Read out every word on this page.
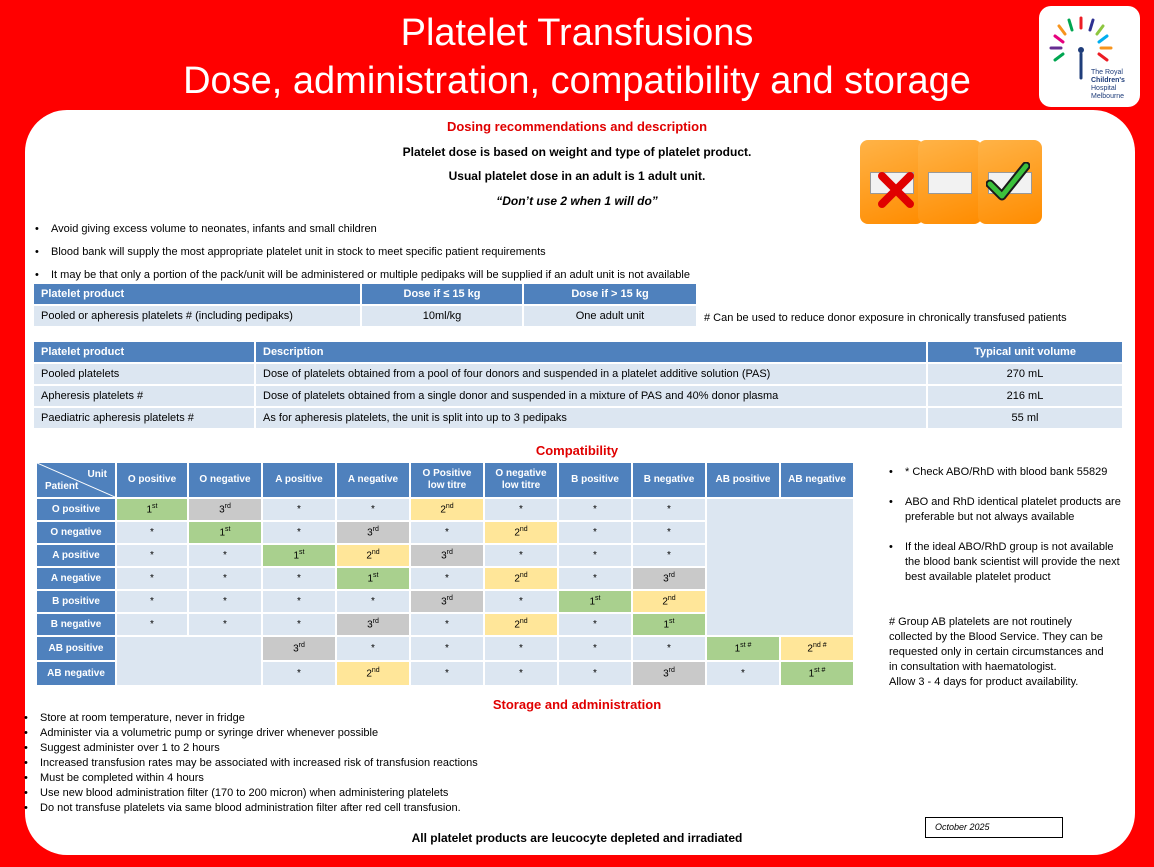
Platelet Transfusions
Dose, administration, compatibility and storage	The Royal
Children's
Hospital
Melbourne
Dosing recommendations and description
Platelet dose is based on weight and type of platelet product.
Usual platelet dose in an adult is 1 adult unit.
“Don’t use 2 when 1 will do”
• Avoid giving excess volume to neonates, infants and small children
• Blood bank will supply the most appropriate platelet unit in stock to meet specific patient requirements
• It may be that only a portion of the pack/unit will be administered or multiple pedipaks will be supplied if an adult unit is not available
Platelet product	Dose if ≤ 15 kg	Dose if > 15 kg
Pooled or apheresis platelets # (including pedipaks)	10ml/kg	One adult unit	# Can be used to reduce donor exposure in chronically transfused patients
Platelet product	Description	Typical unit volume
Pooled platelets	Dose of platelets obtained from a pool of four donors and suspended in a platelet additive solution (PAS)	270 mL
Apheresis platelets #	Dose of platelets obtained from a single donor and suspended in a mixture of PAS and 40% donor plasma	216 mL
Paediatric apheresis platelets #	As for apheresis platelets, the unit is split into up to 3 pedipaks	55 ml
Compatibility
Unit
Patient	O positive	O negative	A positive	A negative	O Positive
low titre	O negative
low titre	B positive	B negative	AB positive	AB negative

O positive	1st	3rd	*	*	2nd	*	*	*		
O negative	*	1st	*	3rd	*	2nd	*	*		
A positive	*	*	1st	2nd	3rd	*	*	*		
A negative	*	*	*	1st	*	2nd	*	3rd
B positive	*	*	*	*	3rd	*	1st	2nd
B negative	*	*	*	3rd	*	2nd	*	1st
AB positive			3rd	*	*	*	*	*	$1^{st \#}$	$2^{nd \#}$
AB negative			*	2nd	*	*	*	3rd	*	$1^{st \#}$
•	* Check ABO/RhD with blood bank 55829
•	ABO and RhD identical platelet products are preferable but not always available
•	If the ideal ABO/RhD group is not available the blood bank scientist will provide the next best available platelet product
# Group AB platelets are not routinely
collected by the Blood Service. They can be
requested only in certain circumstances and
in consultation with haematologist.
Allow 3 - 4 days for product availability.
Storage and administration
• Store at room temperature, never in fridge
• Administer via a volumetric pump or syringe driver whenever possible
• Suggest administer over 1 to 2 hours
• Increased transfusion rates may be associated with increased risk of transfusion reactions
• Must be completed within 4 hours
• Use new blood administration filter (170 to 200 micron) when administering platelets
• Do not transfuse platelets via same blood administration filter after red cell transfusion.
October 2025
All platelet products are leucocyte depleted and irradiated
